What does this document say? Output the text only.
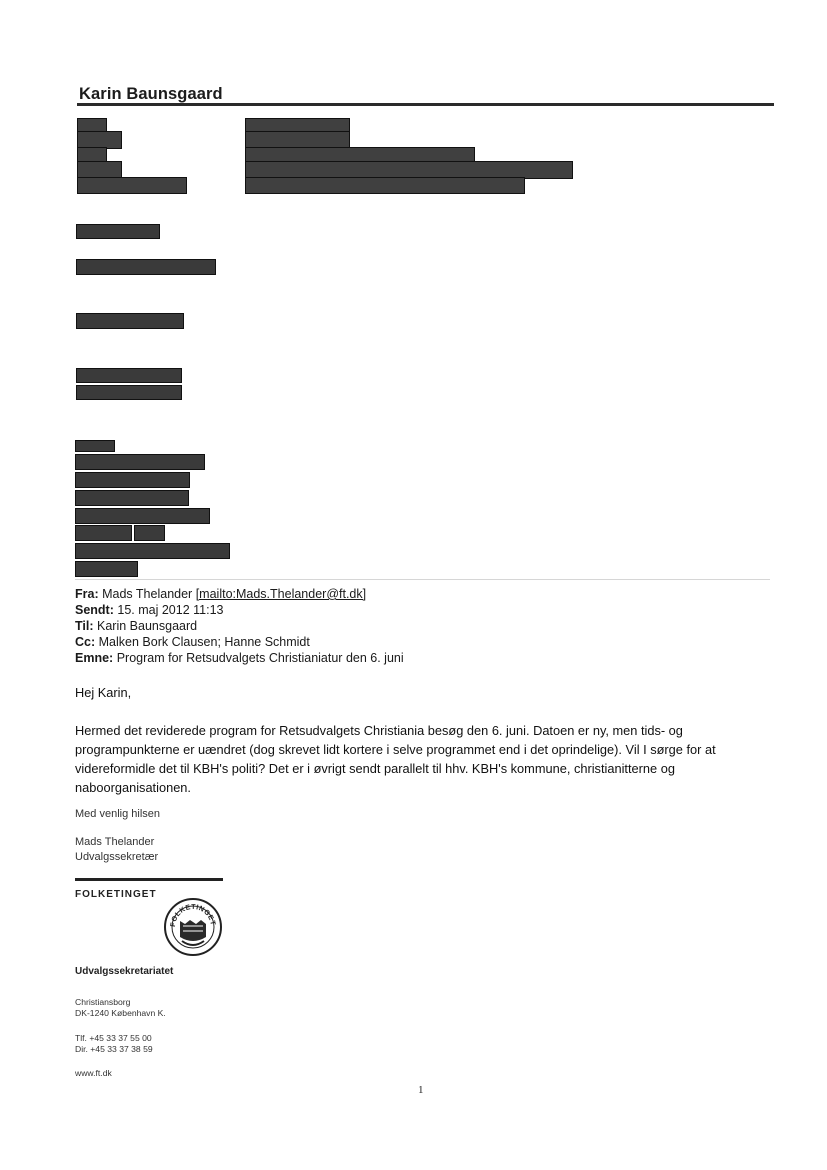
Karin Baunsgaard
Fra: Mads Thelander [mailto:Mads.Thelander@ft.dk]
Sendt: 15. maj 2012 11:13
Til: Karin Baunsgaard
Cc: Malken Bork Clausen; Hanne Schmidt
Emne: Program for Retsudvalgets Christianiatur den 6. juni
Hej Karin,
Hermed det reviderede program for Retsudvalgets Christiania besøg den 6. juni. Datoen er ny, men tids- og programpunkterne er uændret (dog skrevet lidt kortere i selve programmet end i det oprindelige). Vil I sørge for at videreformidle det til KBH's politi? Det er i øvrigt sendt parallelt til hhv. KBH's kommune, christianitterne og naboorganisationen.
Med venlig hilsen
Mads Thelander
Udvalgssekretær
FOLKETINGET
FOLKETINGET
Udvalgssekretariatet
Christiansborg
DK-1240 København K.
Tlf. +45 33 37 55 00
Dir. +45 33 37 38 59
www.ft.dk
1
